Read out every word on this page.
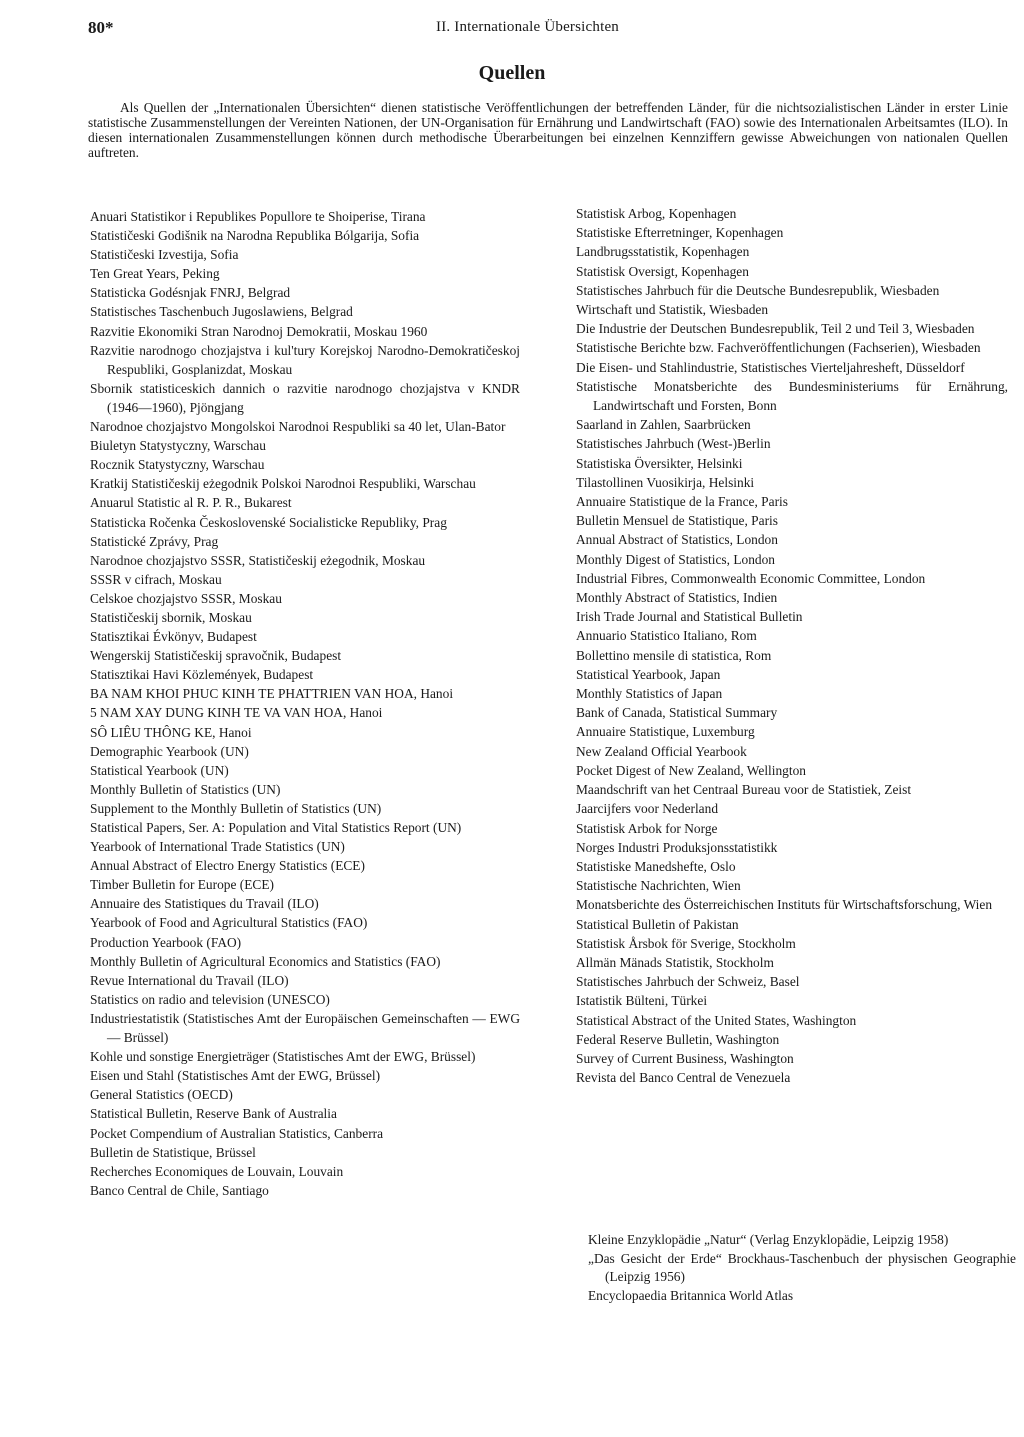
80*	II. Internationale Übersichten
Quellen

Als Quellen der „Internationalen Übersichten“ dienen statistische Veröffentlichungen der betreffenden Länder, für die nichtsozialistischen Länder in erster Linie statistische Zusammenstellungen der Vereinten Nationen, der UN-Organisation für Ernährung und Landwirtschaft (FAO) sowie des Internationalen Arbeitsamtes (ILO). In diesen internationalen Zusammenstellungen können durch methodische Überarbeitungen bei einzelnen Kennziffern gewisse Abweichungen von nationalen Quellen auftreten.

Anuari Statistikor i Republikes Popullore te Shoiperise, Tirana
Statističeski Godišnik na Narodna Republika Bólgarija, Sofia
Statističeski Izvestija, Sofia
Ten Great Years, Peking
Statisticka Godésnjak FNRJ, Belgrad
Statistisches Taschenbuch Jugoslawiens, Belgrad
Razvitie Ekonomiki Stran Narodnoj Demokratii, Moskau 1960
Razvitie narodnogo chozjajstva i kul'tury Korejskoj Narodno-Demokratičeskoj Respubliki, Gosplanizdat, Moskau
Sbornik statisticeskich dannich o razvitie narodnogo chozjajstva v KNDR (1946—1960), Pjöngjang
Narodnoe chozjajstvo Mongolskoi Narodnoi Respubliki sa 40 let, Ulan-Bator
Biuletyn Statystyczny, Warschau
Rocznik Statystyczny, Warschau
Kratkij Statističeskij eżegodnik Polskoi Narodnoi Respubliki, Warschau
Anuarul Statistic al R. P. R., Bukarest
Statisticka Ročenka Československé Socialisticke Republiky, Prag
Statistické Zprávy, Prag
Narodnoe chozjajstvo SSSR, Statističeskij eżegodnik, Moskau
SSSR v cifrach, Moskau
Celskoe chozjajstvo SSSR, Moskau
Statističeskij sbornik, Moskau
Statisztikai Évkönyv, Budapest
Wengerskij Statističeskij spravočnik, Budapest
Statisztikai Havi Közlemények, Budapest
BA NAM KHOI PHUC KINH TE PHATTRIEN VAN HOA, Hanoi
5 NAM XAY DUNG KINH TE VA VAN HOA, Hanoi
SÔ LIÊU THÔNG KE, Hanoi
Demographic Yearbook (UN)
Statistical Yearbook (UN)
Monthly Bulletin of Statistics (UN)
Supplement to the Monthly Bulletin of Statistics (UN)
Statistical Papers, Ser. A: Population and Vital Statistics Report (UN)
Yearbook of International Trade Statistics (UN)
Annual Abstract of Electro Energy Statistics (ECE)
Timber Bulletin for Europe (ECE)
Annuaire des Statistiques du Travail (ILO)
Yearbook of Food and Agricultural Statistics (FAO)
Production Yearbook (FAO)
Monthly Bulletin of Agricultural Economics and Statistics (FAO)
Revue International du Travail (ILO)
Statistics on radio and television (UNESCO)
Industriestatistik (Statistisches Amt der Europäischen Gemeinschaften — EWG — Brüssel)
Kohle und sonstige Energieträger (Statistisches Amt der EWG, Brüssel)
Eisen und Stahl (Statistisches Amt der EWG, Brüssel)
General Statistics (OECD)
Statistical Bulletin, Reserve Bank of Australia
Pocket Compendium of Australian Statistics, Canberra
Bulletin de Statistique, Brüssel
Recherches Economiques de Louvain, Louvain
Banco Central de Chile, Santiago
Statistisk Arbog, Kopenhagen
Statistiske Efterretninger, Kopenhagen
Landbrugsstatistik, Kopenhagen
Statistisk Oversigt, Kopenhagen
Statistisches Jahrbuch für die Deutsche Bundesrepublik, Wiesbaden
Wirtschaft und Statistik, Wiesbaden
Die Industrie der Deutschen Bundesrepublik, Teil 2 und Teil 3, Wiesbaden
Statistische Berichte bzw. Fachveröffentlichungen (Fachserien), Wiesbaden
Die Eisen- und Stahlindustrie, Statistisches Vierteljahresheft, Düsseldorf
Statistische Monatsberichte des Bundesministeriums für Ernährung, Landwirtschaft und Forsten, Bonn
Saarland in Zahlen, Saarbrücken
Statistisches Jahrbuch (West-)Berlin
Statistiska Översikter, Helsinki
Tilastollinen Vuosikirja, Helsinki
Annuaire Statistique de la France, Paris
Bulletin Mensuel de Statistique, Paris
Annual Abstract of Statistics, London
Monthly Digest of Statistics, London
Industrial Fibres, Commonwealth Economic Committee, London
Monthly Abstract of Statistics, Indien
Irish Trade Journal and Statistical Bulletin
Annuario Statistico Italiano, Rom
Bollettino mensile di statistica, Rom
Statistical Yearbook, Japan
Monthly Statistics of Japan
Bank of Canada, Statistical Summary
Annuaire Statistique, Luxemburg
New Zealand Official Yearbook
Pocket Digest of New Zealand, Wellington
Maandschrift van het Centraal Bureau voor de Statistiek, Zeist
Jaarcijfers voor Nederland
Statistisk Arbok for Norge
Norges Industri Produksjonsstatistikk
Statistiske Manedshefte, Oslo
Statistische Nachrichten, Wien
Monatsberichte des Österreichischen Instituts für Wirtschaftsforschung, Wien
Statistical Bulletin of Pakistan
Statistisk Årsbok för Sverige, Stockholm
Allmän Mänads Statistik, Stockholm
Statistisches Jahrbuch der Schweiz, Basel
Istatistik Bülteni, Türkei
Statistical Abstract of the United States, Washington
Federal Reserve Bulletin, Washington
Survey of Current Business, Washington
Revista del Banco Central de Venezuela
Kleine Enzyklopädie „Natur“ (Verlag Enzyklopädie, Leipzig 1958)
„Das Gesicht der Erde“ Brockhaus-Taschenbuch der physischen Geographie (Leipzig 1956)
Encyclopaedia Britannica World Atlas
